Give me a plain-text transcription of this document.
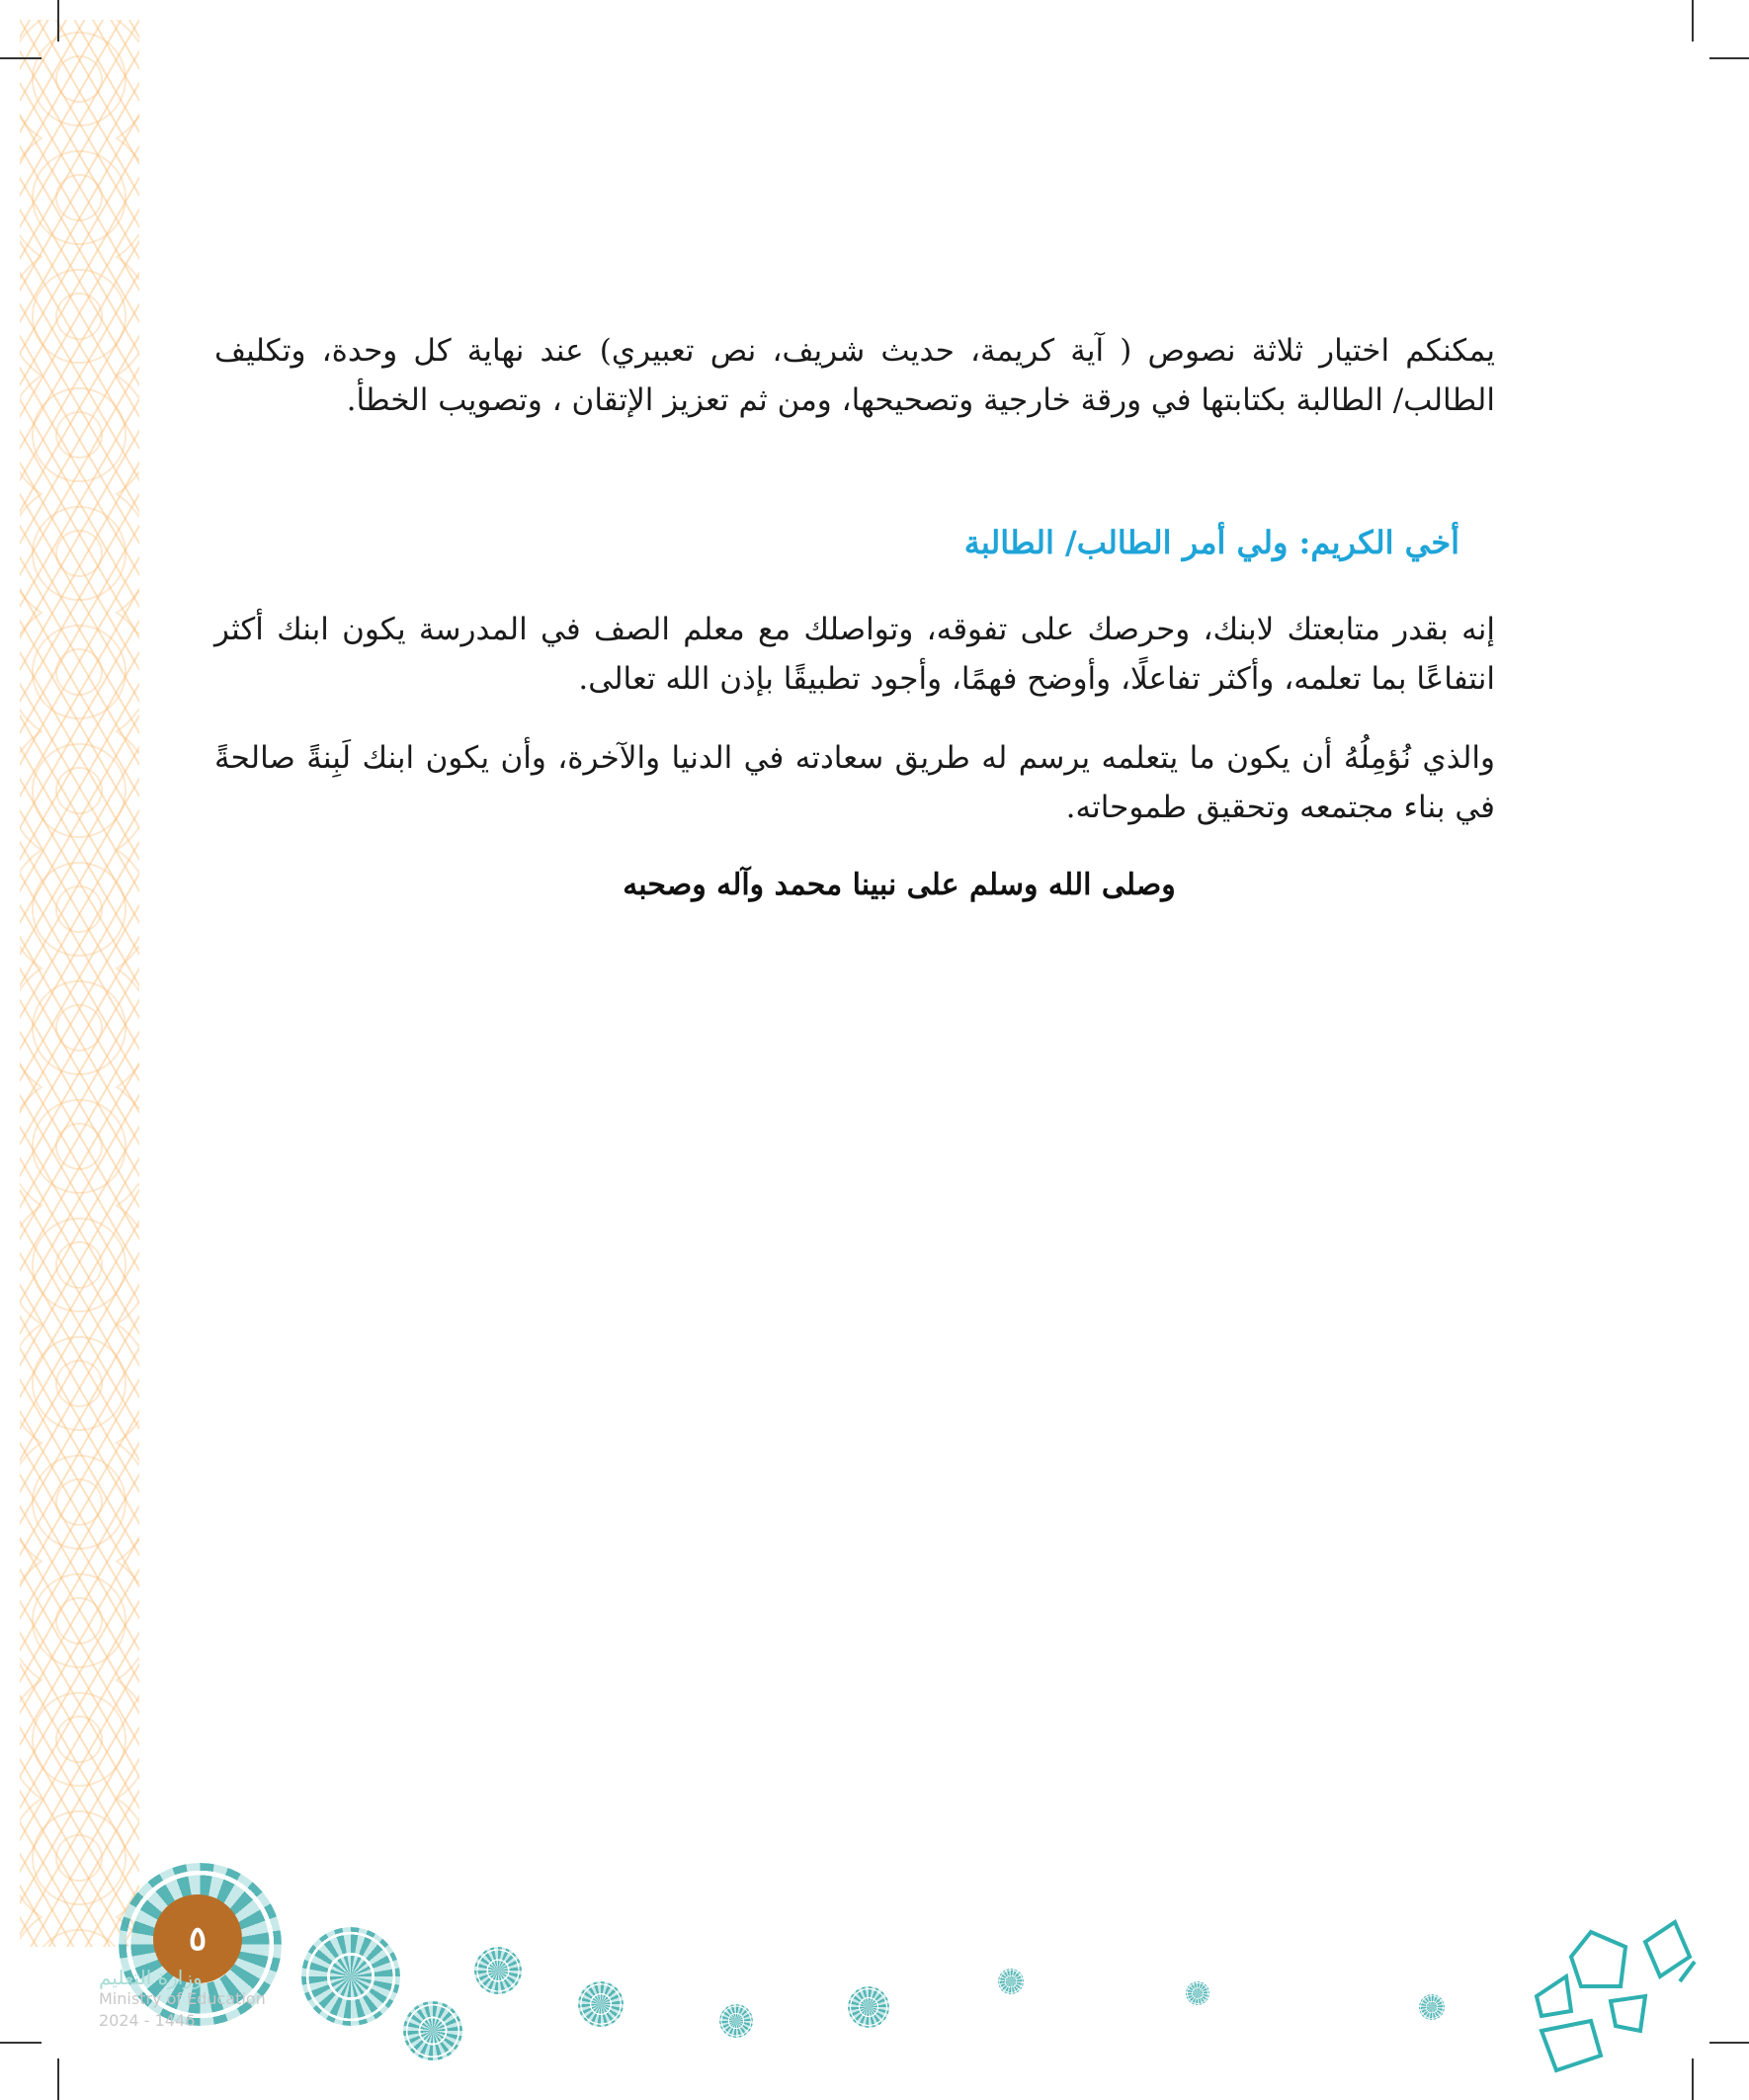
يمكنكم اختيار ثلاثة نصوص ( آية كريمة، حديث شريف، نص تعبيري) عند نهاية كل وحدة، وتكليف الطالب/ الطالبة بكتابتها في ورقة خارجية وتصحيحها، ومن ثم تعزيز الإتقان ، وتصويب الخطأ.

أخي الكريم: ولي أمر الطالب/ الطالبة

إنه بقدر متابعتك لابنك، وحرصك على تفوقه، وتواصلك مع معلم الصف في المدرسة يكون ابنك أكثر انتفاعًا بما تعلمه، وأكثر تفاعلًا، وأوضح فهمًا، وأجود تطبيقًا بإذن الله تعالى.

والذي نُؤمِلُهُ أن يكون ما يتعلمه يرسم له طريق سعادته في الدنيا والآخرة، وأن يكون ابنك لَبِنةً صالحةً في بناء مجتمعه وتحقيق طموحاته.

وصلى الله وسلم على نبينا محمد وآله وصحبه

٥
وزارة التعليم
Ministry of Education
2024 - 1446
